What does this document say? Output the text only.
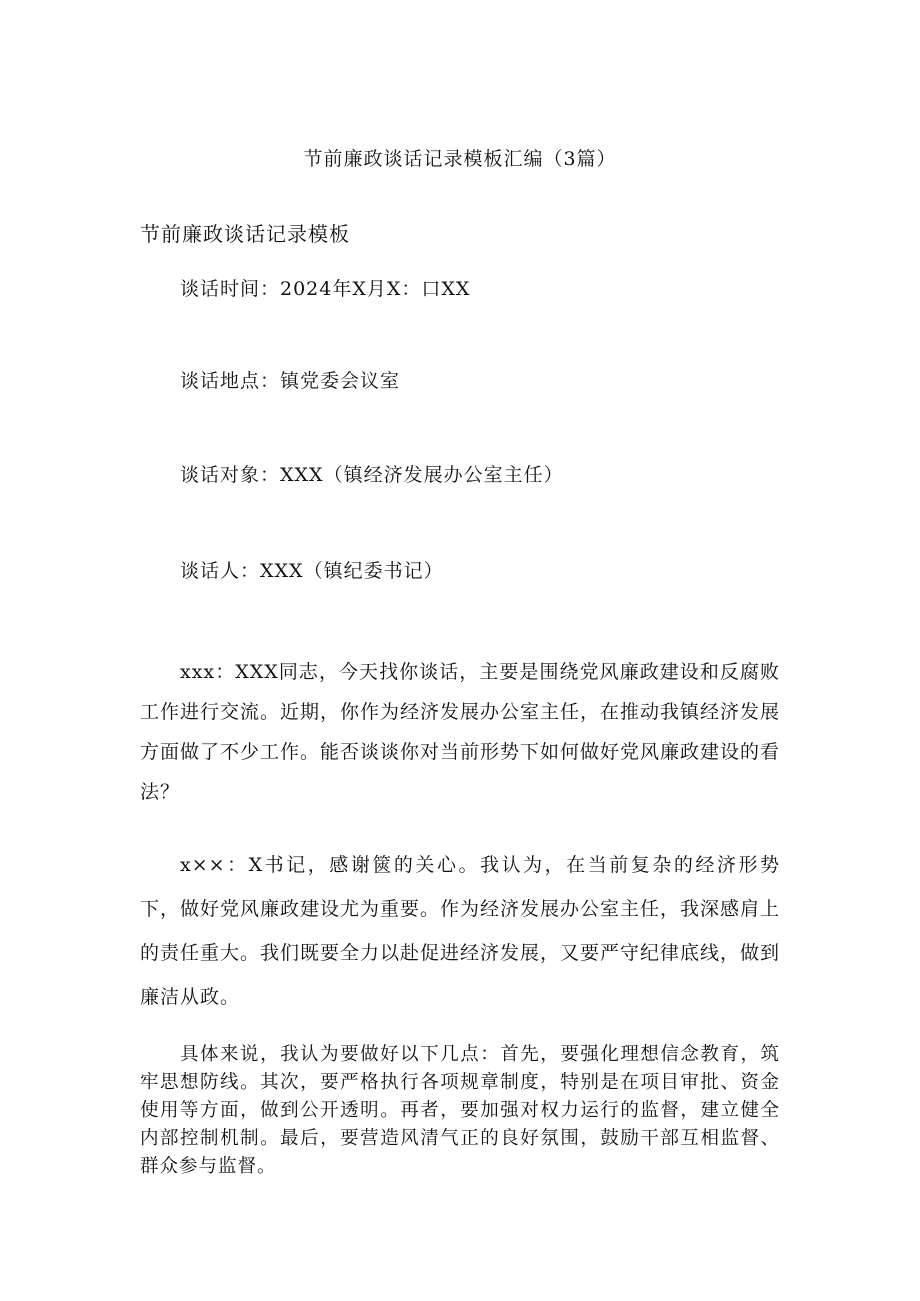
节前廉政谈话记录模板汇编（3篇）
节前廉政谈话记录模板
谈话时间：2024年X月X：口XX
谈话地点：镇党委会议室
谈话对象：XXX（镇经济发展办公室主任）
谈话人：XXX（镇纪委书记）
xxx：XXX同志，今天找你谈话，主要是围绕党风廉政建设和反腐败工作进行交流。近期，你作为经济发展办公室主任，在推动我镇经济发展方面做了不少工作。能否谈谈你对当前形势下如何做好党风廉政建设的看法？
x××：X书记，感谢篋的关心。我认为，在当前复杂的经济形势下，做好党风廉政建设尤为重要。作为经济发展办公室主任，我深感肩上的责任重大。我们既要全力以赴促进经济发展，又要严守纪律底线，做到廉洁从政。
具体来说，我认为要做好以下几点：首先，要强化理想信念教育，筑牢思想防线。其次，要严格执行各项规章制度，特别是在项目审批、资金使用等方面，做到公开透明。再者，要加强对权力运行的监督，建立健全内部控制机制。最后，要营造风清气正的良好氛围，鼓励干部互相监督、群众参与监督。
